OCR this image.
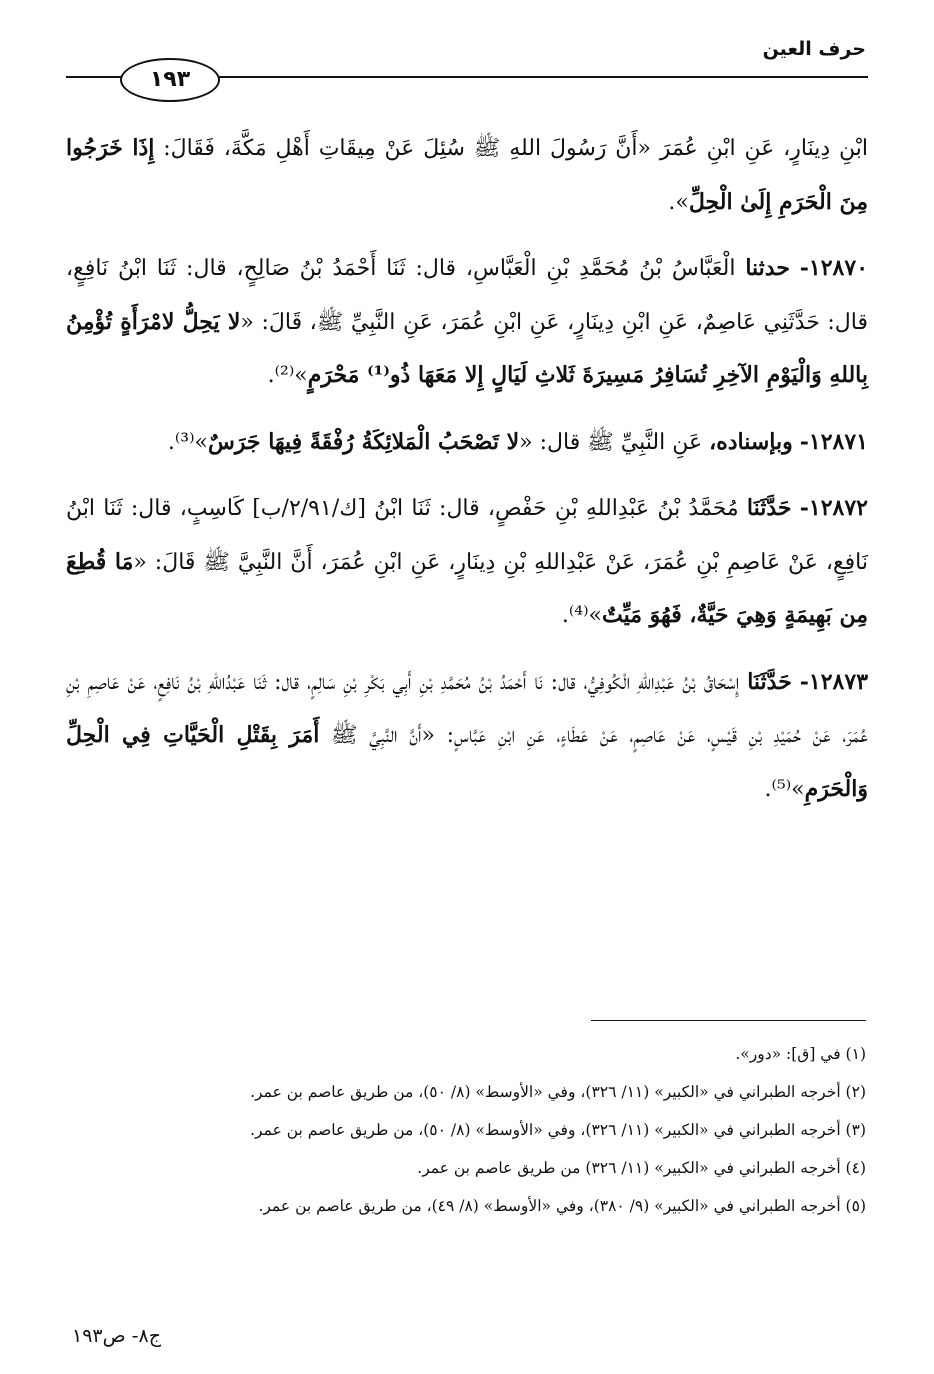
حرف العين
١٩٣

ابْنِ دِينَارٍ، عَنِ ابْنِ عُمَرَ «أَنَّ رَسُولَ اللهِ ﷺ سُئِلَ عَنْ مِيقَاتِ أَهْلِ مَكَّةَ، فَقَالَ: إِذَا خَرَجُوا مِنَ الْحَرَمِ إِلَىٰ الْحِلِّ».

١٢٨٧٠- حدثنا الْعَبَّاسُ بْنُ مُحَمَّدِ بْنِ الْعَبَّاسِ، قال: ثَنَا أَحْمَدُ بْنُ صَالِحٍ، قال: ثَنَا ابْنُ نَافِعٍ، قال: حَدَّثَنِي عَاصِمٌ، عَنِ ابْنِ دِينَارٍ، عَنِ ابْنِ عُمَرَ، عَنِ النَّبِيِّ ﷺ، قَالَ: «لا يَحِلُّ لامْرَأَةٍ تُؤْمِنُ بِاللهِ وَالْيَوْمِ الآخِرِ تُسَافِرُ مَسِيرَةَ ثَلاثِ لَيَالٍ إِلا مَعَهَا ذُو⁽¹⁾ مَحْرَمٍ»⁽²⁾.

١٢٨٧١- وبإسناده، عَنِ النَّبِيِّ ﷺ قال: «لا تَصْحَبُ الْمَلائِكَةُ رُفْقَةً فِيهَا جَرَسٌ»⁽³⁾.

١٢٨٧٢- حَدَّثَنَا مُحَمَّدُ بْنُ عَبْدِاللهِ بْنِ حَفْصٍ، قال: ثَنَا ابْنُ [ك/٢/٩١/ب] كَاسِبٍ، قال: ثَنَا ابْنُ نَافِعٍ، عَنْ عَاصِمِ بْنِ عُمَرَ، عَنْ عَبْدِاللهِ بْنِ دِينَارٍ، عَنِ ابْنِ عُمَرَ، أَنَّ النَّبِيَّ ﷺ قَالَ: «مَا قُطِعَ مِن بَهِيمَةٍ وَهِيَ حَيَّةٌ، فَهُوَ مَيِّتٌ»⁽⁴⁾.

١٢٨٧٣- حَدَّثَنَا إِسْحَاقُ بْنُ عَبْدِاللهِ الْكُوفِيُّ، قال: نَا أَحْمَدُ بْنُ مُحَمَّدِ بْنِ أَبِي بَكْرِ بْنِ سَالِمٍ، قال: ثَنَا عَبْدُاللهِ بْنُ نَافِعٍ، عَنْ عَاصِمِ بْنِ عُمَرَ، عَنْ حُمَيْدِ بْنِ قَيْسٍ، عَنْ عَاصِمٍ، عَنْ عَطَاءٍ، عَنِ ابْنِ عَبَّاسٍ: «أَنَّ النَّبِيَّ ﷺ أَمَرَ بِقَتْلِ الْحَيَّاتِ فِي الْحِلِّ وَالْحَرَمِ»⁽⁵⁾.

(١) في [ق]: «دور».
(٢) أخرجه الطبراني في «الكبير» (١١/ ٣٢٦)، وفي «الأوسط» (٨/ ٥٠)، من طريق عاصم بن عمر.
(٣) أخرجه الطبراني في «الكبير» (١١/ ٣٢٦)، وفي «الأوسط» (٨/ ٥٠)، من طريق عاصم بن عمر.
(٤) أخرجه الطبراني في «الكبير» (١١/ ٣٢٦) من طريق عاصم بن عمر.
(٥) أخرجه الطبراني في «الكبير» (٩/ ٣٨٠)، وفي «الأوسط» (٨/ ٤٩)، من طريق عاصم بن عمر.
ج٨- ص١٩٣
